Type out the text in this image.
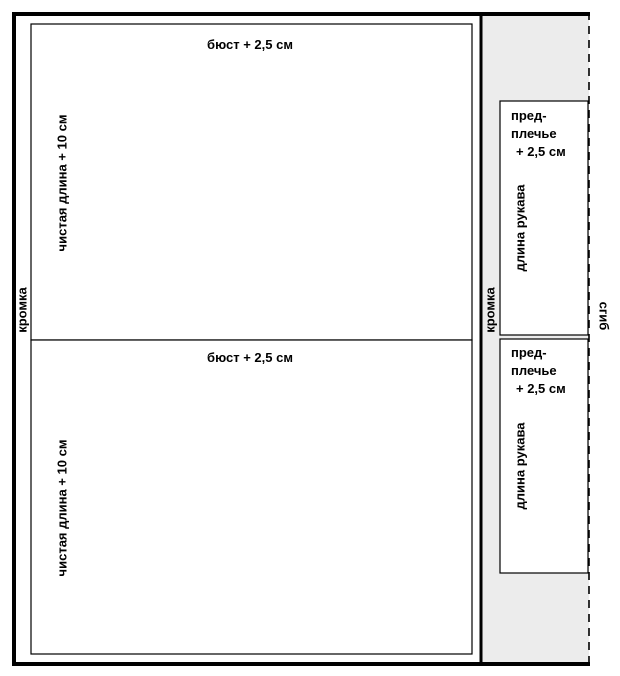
кромка	кромка	сгиб
бюст + 2,5 см
чистая длина + 10 см
бюст + 2,5 см
чистая длина + 10 см
пред-
плечье
+ 2,5 см
длина рукава
пред-
плечье
+ 2,5 см
длина рукава
